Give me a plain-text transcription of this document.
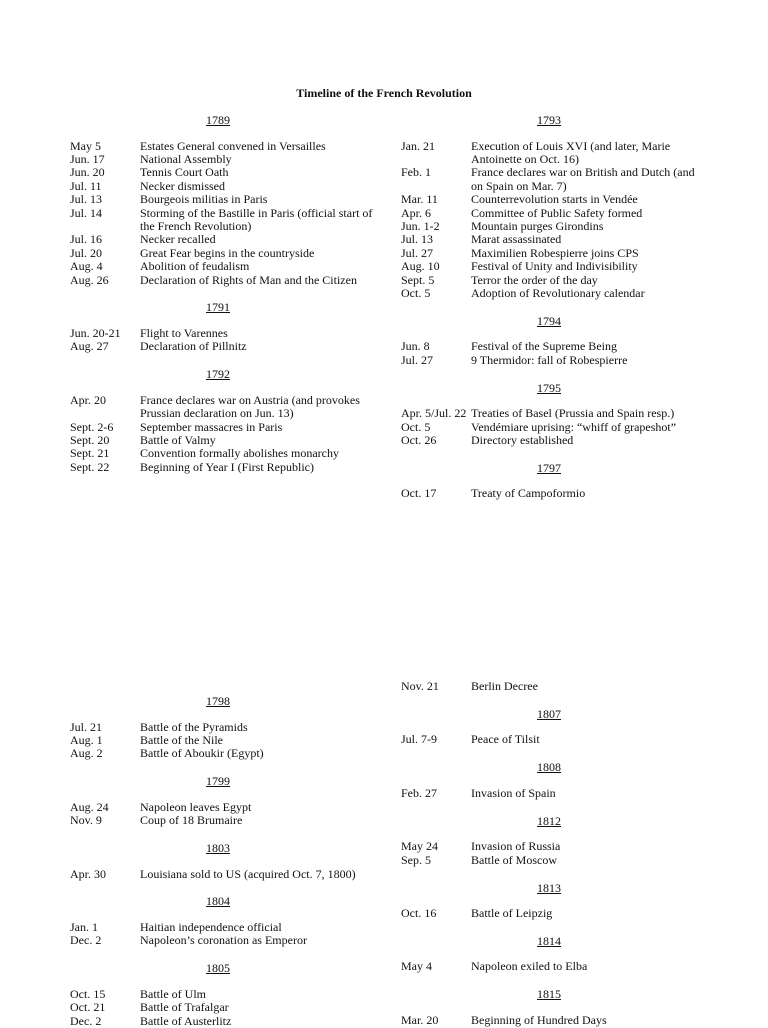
Timeline of the French Revolution
1789
May 5	Estates General convened in Versailles
Jun. 17	National Assembly
Jun. 20	Tennis Court Oath
Jul. 11	Necker dismissed
Jul. 13	Bourgeois militias in Paris
Jul. 14	Storming of the Bastille in Paris (official start of
the French Revolution)
Jul. 16	Necker recalled
Jul. 20	Great Fear begins in the countryside
Aug. 4	Abolition of feudalism
Aug. 26	Declaration of Rights of Man and the Citizen
1791
Jun. 20-21 Flight to Varennes
Aug. 27	Declaration of Pillnitz
1792
Apr. 20	France declares war on Austria (and provokes
Prussian declaration on Jun. 13)
Sept. 2-6 September massacres in Paris
Sept. 20	Battle of Valmy
Sept. 21	Convention formally abolishes monarchy
Sept. 22	Beginning of Year I (First Republic)
1793
Jan. 21	Execution of Louis XVI (and later, Marie
Antoinette on Oct. 16)
Feb. 1	France declares war on British and Dutch (and
on Spain on Mar. 7)
Mar. 11	Counterrevolution starts in Vendée
Apr. 6	Committee of Public Safety formed
Jun. 1-2	Mountain purges Girondins
Jul. 13	Marat assassinated
Jul. 27	Maximilien Robespierre joins CPS
Aug. 10	Festival of Unity and Indivisibility
Sept. 5	Terror the order of the day
Oct. 5	Adoption of Revolutionary calendar
1794
Jun. 8	Festival of the Supreme Being
Jul. 27	9 Thermidor: fall of Robespierre
1795
Apr. 5/Jul. 22 Treaties of Basel (Prussia and Spain resp.)
Oct. 5	Vendémiare uprising: “whiff of grapeshot”
Oct. 26	Directory established
1797
Oct. 17	Treaty of Campoformio
1798
Jul. 21	Battle of the Pyramids
Aug. 1	Battle of the Nile
Aug. 2	Battle of Aboukir (Egypt)
1799
Aug. 24	Napoleon leaves Egypt
Nov. 9	Coup of 18 Brumaire
1803
Apr. 30	Louisiana sold to US (acquired Oct. 7, 1800)
1804
Jan. 1	Haitian independence official
Dec. 2	Napoleon’s coronation as Emperor
1805
Oct. 15	Battle of Ulm
Oct. 21	Battle of Trafalgar
Dec. 2	Battle of Austerlitz
Nov. 21	Berlin Decree
1807
Jul. 7-9	Peace of Tilsit
1808
Feb. 27	Invasion of Spain
1812
May 24	Invasion of Russia
Sep. 5	Battle of Moscow
1813
Oct. 16	Battle of Leipzig
1814
May 4	Napoleon exiled to Elba
1815
Mar. 20	Beginning of Hundred Days
